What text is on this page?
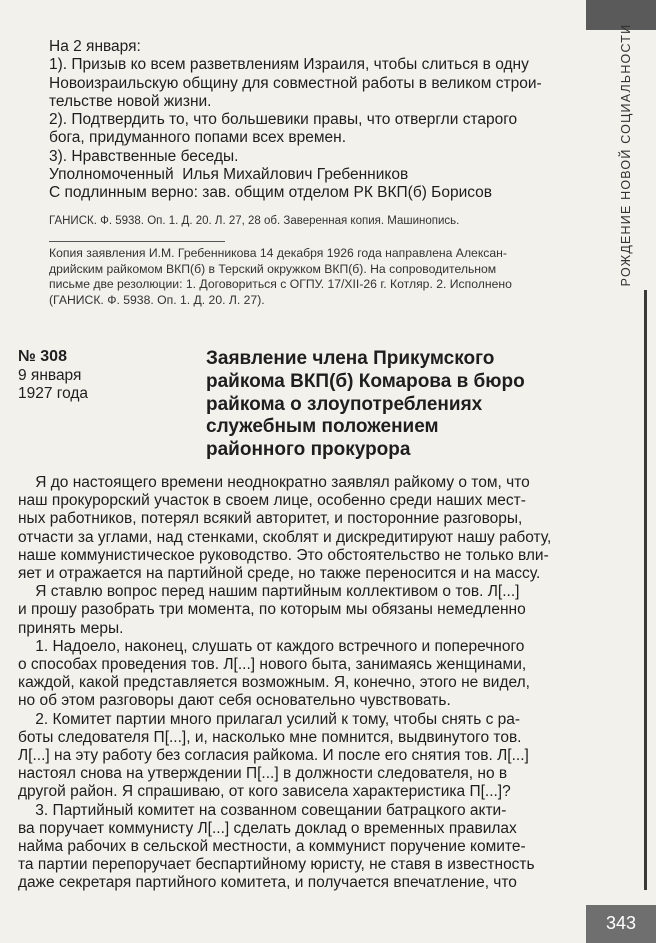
РОЖДЕНИЕ НОВОЙ СОЦИАЛЬНОСТИ
На 2 января:
1). Призыв ко всем разветвлениям Израиля, чтобы слиться в одну
Новоизраильскую общину для совместной работы в великом строи-
тельстве новой жизни.
2). Подтвердить то, что большевики правы, что отвергли старого
бога, придуманного попами всех времен.
3). Нравственные беседы.
Уполномоченный  Илья Михайлович Гребенников
С подлинным верно: зав. общим отделом РК ВКП(б) Борисов
ГАНИСК. Ф. 5938. Оп. 1. Д. 20. Л. 27, 28 об. Заверенная копия. Машинопись.
Копия заявления И.М. Гребенникова 14 декабря 1926 года направлена Алексан-
дрийским райкомом ВКП(б) в Терский окружком ВКП(б). На сопроводительном
письме две резолюции: 1. Договориться с ОГПУ. 17/XII-26 г. Котляр. 2. Исполнено
(ГАНИСК. Ф. 5938. Оп. 1. Д. 20. Л. 27).
№ 308
9 января
1927 года
Заявление члена Прикумского
райкома ВКП(б) Комарова в бюро
райкома о злоупотреблениях
служебным положением
районного прокурора
Я до настоящего времени неоднократно заявлял райкому о том, что
наш прокурорский участок в своем лице, особенно среди наших мест-
ных работников, потерял всякий авторитет, и посторонние разговоры,
отчасти за углами, над стенками, скоблят и дискредитируют нашу работу,
наше коммунистическое руководство. Это обстоятельство не только вли-
яет и отражается на партийной среде, но также переносится и на массу.
Я ставлю вопрос перед нашим партийным коллективом о тов. Л[...]
и прошу разобрать три момента, по которым мы обязаны немедленно
принять меры.
1. Надоело, наконец, слушать от каждого встречного и поперечного
о способах проведения тов. Л[...] нового быта, занимаясь женщинами,
каждой, какой представляется возможным. Я, конечно, этого не видел,
но об этом разговоры дают себя основательно чувствовать.
2. Комитет партии много прилагал усилий к тому, чтобы снять с ра-
боты следователя П[...], и, насколько мне помнится, выдвинутого тов.
Л[...] на эту работу без согласия райкома. И после его снятия тов. Л[...]
настоял снова на утверждении П[...] в должности следователя, но в
другой район. Я спрашиваю, от кого зависела характеристика П[...]?
3. Партийный комитет на созванном совещании батрацкого акти-
ва поручает коммунисту Л[...] сделать доклад о временных правилах
найма рабочих в сельской местности, а коммунист поручение комите-
та партии перепоручает беспартийному юристу, не ставя в известность
даже секретаря партийного комитета, и получается впечатление, что
343
